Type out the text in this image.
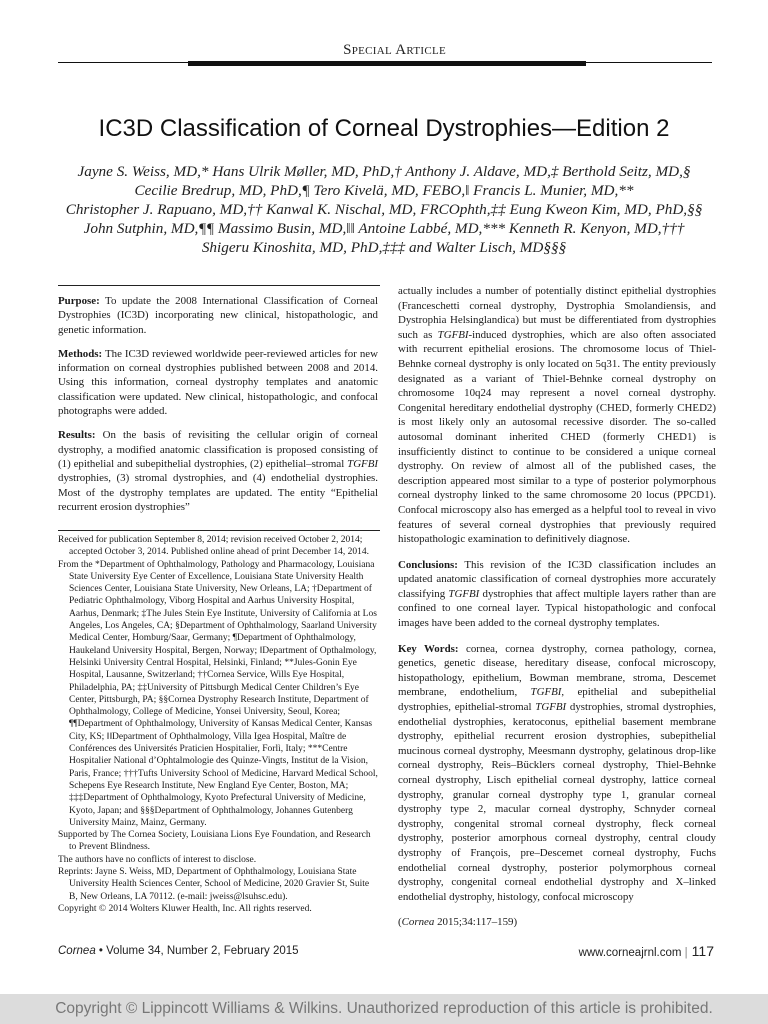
Special Article
IC3D Classification of Corneal Dystrophies—Edition 2
Jayne S. Weiss, MD,* Hans Ulrik Møller, MD, PhD,† Anthony J. Aldave, MD,‡ Berthold Seitz, MD,§
Cecilie Bredrup, MD, PhD,¶ Tero Kivelä, MD, FEBO,‖ Francis L. Munier, MD,**
Christopher J. Rapuano, MD,†† Kanwal K. Nischal, MD, FRCOphth,‡‡ Eung Kweon Kim, MD, PhD,§§
John Sutphin, MD,¶¶ Massimo Busin, MD,‖‖ Antoine Labbé, MD,*** Kenneth R. Kenyon, MD,†††
Shigeru Kinoshita, MD, PhD,‡‡‡ and Walter Lisch, MD§§§

Purpose: To update the 2008 International Classification of Corneal Dystrophies (IC3D) incorporating new clinical, histopathologic, and genetic information.

Methods: The IC3D reviewed worldwide peer-reviewed articles for new information on corneal dystrophies published between 2008 and 2014. Using this information, corneal dystrophy templates and anatomic classification were updated. New clinical, histopathologic, and confocal photographs were added.

Results: On the basis of revisiting the cellular origin of corneal dystrophy, a modified anatomic classification is proposed consisting of (1) epithelial and subepithelial dystrophies, (2) epithelial–stromal TGFBI dystrophies, (3) stromal dystrophies, and (4) endothelial dystrophies. Most of the dystrophy templates are updated. The entity “Epithelial recurrent erosion dystrophies”

Received for publication September 8, 2014; revision received October 2, 2014; accepted October 3, 2014. Published online ahead of print December 14, 2014.

From the *Department of Ophthalmology, Pathology and Pharmacology, Louisiana State University Eye Center of Excellence, Louisiana State University Health Sciences Center, Louisiana State University, New Orleans, LA; †Department of Pediatric Ophthalmology, Viborg Hospital and Aarhus University Hospital, Aarhus, Denmark; ‡The Jules Stein Eye Institute, University of California at Los Angeles, Los Angeles, CA; §Department of Ophthalmology, Saarland University Medical Center, Homburg/Saar, Germany; ¶Department of Ophthalmology, Haukeland University Hospital, Bergen, Norway; ‖Department of Opthalmology, Helsinki University Central Hospital, Helsinki, Finland; **Jules-Gonin Eye Hospital, Lausanne, Switzerland; ††Cornea Service, Wills Eye Hospital, Philadelphia, PA; ‡‡University of Pittsburgh Medical Center Children’s Eye Center, Pittsburgh, PA; §§Cornea Dystrophy Research Institute, Department of Ophthalmology, College of Medicine, Yonsei University, Seoul, Korea; ¶¶Department of Ophthalmology, University of Kansas Medical Center, Kansas City, KS; ‖‖Department of Ophthalmology, Villa Igea Hospital, Maître de Conférences des Universités Praticien Hospitalier, Forlì, Italy; ***Centre Hospitalier National d’Ophtalmologie des Quinze-Vingts, Institut de la Vision, Paris, France; †††Tufts University School of Medicine, Harvard Medical School, Schepens Eye Research Institute, New England Eye Center, Boston, MA; ‡‡‡Department of Ophthalmology, Kyoto Prefectural University of Medicine, Kyoto, Japan; and §§§Department of Ophthalmology, Johannes Gutenberg University Mainz, Mainz, Germany.

Supported by The Cornea Society, Louisiana Lions Eye Foundation, and Research to Prevent Blindness.

The authors have no conflicts of interest to disclose.

Reprints: Jayne S. Weiss, MD, Department of Ophthalmology, Louisiana State University Health Sciences Center, School of Medicine, 2020 Gravier St, Suite B, New Orleans, LA 70112. (e-mail: jweiss@lsuhsc.edu).

Copyright © 2014 Wolters Kluwer Health, Inc. All rights reserved.

actually includes a number of potentially distinct epithelial dystrophies (Franceschetti corneal dystrophy, Dystrophia Smolandiensis, and Dystrophia Helsinglandica) but must be differentiated from dystrophies such as TGFBI-induced dystrophies, which are also often associated with recurrent epithelial erosions. The chromosome locus of Thiel-Behnke corneal dystrophy is only located on 5q31. The entity previously designated as a variant of Thiel-Behnke corneal dystrophy on chromosome 10q24 may represent a novel corneal dystrophy. Congenital hereditary endothelial dystrophy (CHED, formerly CHED2) is most likely only an autosomal recessive disorder. The so-called autosomal dominant inherited CHED (formerly CHED1) is insufficiently distinct to continue to be considered a unique corneal dystrophy. On review of almost all of the published cases, the description appeared most similar to a type of posterior polymorphous corneal dystrophy linked to the same chromosome 20 locus (PPCD1). Confocal microscopy also has emerged as a helpful tool to reveal in vivo features of several corneal dystrophies that previously required histopathologic examination to definitively diagnose.

Conclusions: This revision of the IC3D classification includes an updated anatomic classification of corneal dystrophies more accurately classifying TGFBI dystrophies that affect multiple layers rather than are confined to one corneal layer. Typical histopathologic and confocal images have been added to the corneal dystrophy templates.

Key Words: cornea, cornea dystrophy, cornea pathology, cornea, genetics, genetic disease, hereditary disease, confocal microscopy, histopathology, epithelium, Bowman membrane, stroma, Descemet membrane, endothelium, TGFBI, epithelial and subepithelial dystrophies, epithelial-stromal TGFBI dystrophies, stromal dystrophies, endothelial dystrophies, keratoconus, epithelial basement membrane dystrophy, epithelial recurrent erosion dystrophies, subepithelial mucinous corneal dystrophy, Meesmann dystrophy, gelatinous drop-like corneal dystrophy, Reis–Bücklers corneal dystrophy, Thiel-Behnke corneal dystrophy, Lisch epithelial corneal dystrophy, lattice corneal dystrophy, granular corneal dystrophy type 1, granular corneal dystrophy type 2, macular corneal dystrophy, Schnyder corneal dystrophy, congenital stromal corneal dystrophy, fleck corneal dystrophy, posterior amorphous corneal dystrophy, central cloudy dystrophy of François, pre–Descemet corneal dystrophy, Fuchs endothelial corneal dystrophy, posterior polymorphous corneal dystrophy, congenital corneal endothelial dystrophy and X–linked endothelial dystrophy, histology, confocal microscopy

(Cornea 2015;34:117–159)

Cornea • Volume 34, Number 2, February 2015	www.corneajrnl.com | 117
Copyright © Lippincott Williams & Wilkins. Unauthorized reproduction of this article is prohibited.
